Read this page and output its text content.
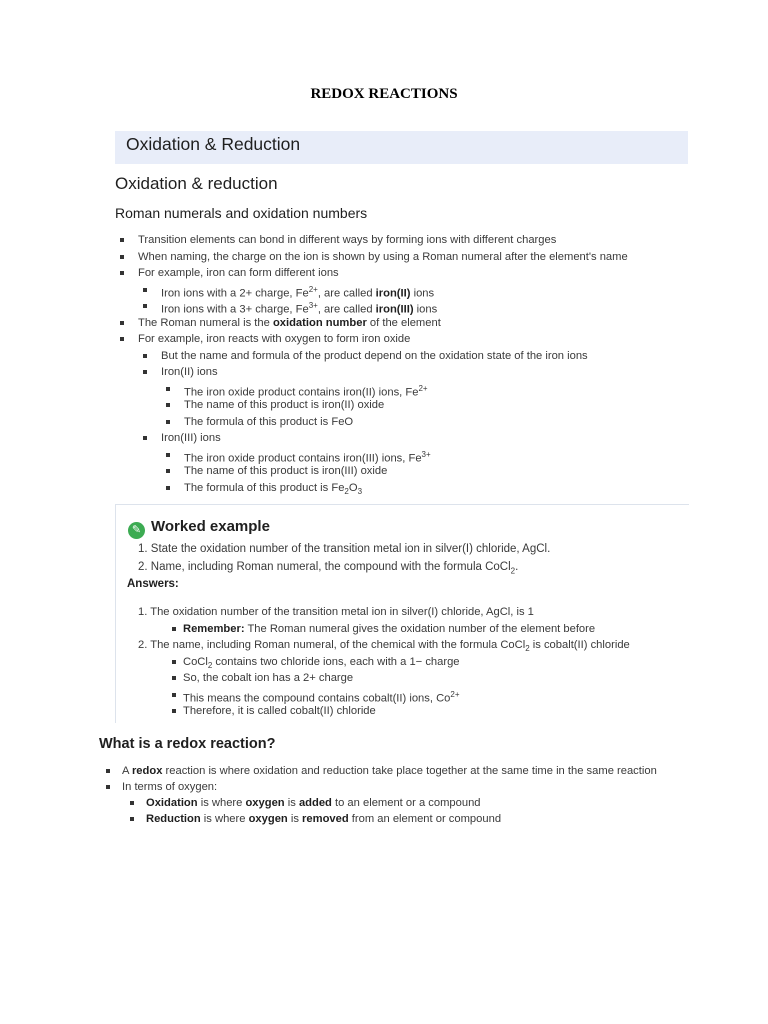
REDOX REACTIONS
Oxidation & Reduction
Oxidation & reduction
Roman numerals and oxidation numbers
Transition elements can bond in different ways by forming ions with different charges
When naming, the charge on the ion is shown by using a Roman numeral after the element's name
For example, iron can form different ions
Iron ions with a 2+ charge, $Fe^{2+}$, are called iron(II) ions
Iron ions with a 3+ charge, $Fe^{3+}$, are called iron(III) ions
The Roman numeral is the oxidation number of the element
For example, iron reacts with oxygen to form iron oxide
But the name and formula of the product depend on the oxidation state of the iron ions
Iron(II) ions
The iron oxide product contains iron(II) ions, $Fe^{2+}$
The name of this product is iron(II) oxide
The formula of this product is FeO
Iron(III) ions
The iron oxide product contains iron(III) ions, $Fe^{3+}$
The name of this product is iron(III) oxide
The formula of this product is $Fe_2O_3$
✎ Worked example
1. State the oxidation number of the transition metal ion in silver(I) chloride, AgCl.
2. Name, including Roman numeral, the compound with the formula CoCl$_2$.
Answers:
1. The oxidation number of the transition metal ion in silver(I) chloride, AgCl, is 1
Remember: The Roman numeral gives the oxidation number of the element before
2. The name, including Roman numeral, of the chemical with the formula CoCl$_2$ is cobalt(II) chloride
CoCl$_2$ contains two chloride ions, each with a 1− charge
So, the cobalt ion has a 2+ charge
This means the compound contains cobalt(II) ions, $Co^{2+}$
Therefore, it is called cobalt(II) chloride
What is a redox reaction?
A redox reaction is where oxidation and reduction take place together at the same time in the same reaction
In terms of oxygen:
Oxidation is where oxygen is added to an element or a compound
Reduction is where oxygen is removed from an element or compound
